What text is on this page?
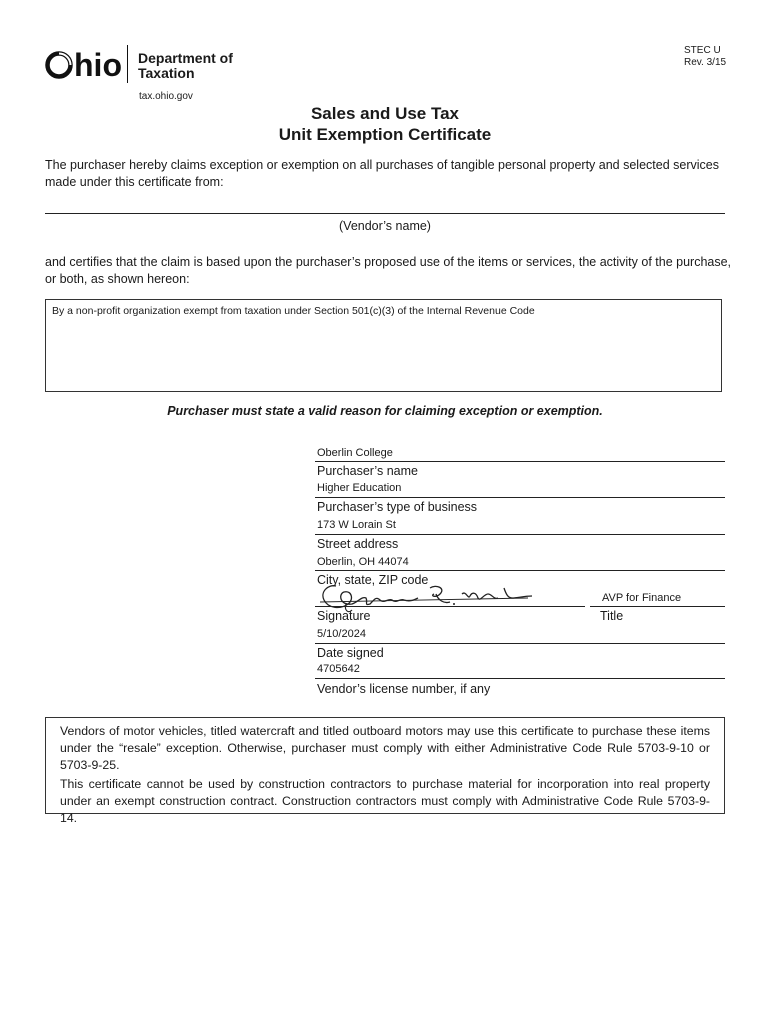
hio Department of
Taxation
tax.ohio.gov
STEC U
Rev. 3/15
Sales and Use Tax
Unit Exemption Certificate
The purchaser hereby claims exception or exemption on all purchases of tangible personal property and selected services made under this certificate from:
(Vendor’s name)
and certifies that the claim is based upon the purchaser’s proposed use of the items or services, the activity of the purchase, or both, as shown hereon:
By a non-profit organization exempt from taxation under Section 501(c)(3) of the Internal Revenue Code
Purchaser must state a valid reason for claiming exception or exemption.
Oberlin College
Purchaser’s name
Higher Education
Purchaser’s type of business
173 W Lorain St
Street address
Oberlin, OH 44074
City, state, ZIP code
AVP for Finance
Signature	Title
5/10/2024
Date signed
4705642
Vendor’s license number, if any
Vendors of motor vehicles, titled watercraft and titled outboard motors may use this certificate to purchase these items under the “resale” exception. Otherwise, purchaser must comply with either Administrative Code Rule 5703-9-10 or 5703-9-25.
This certificate cannot be used by construction contractors to purchase material for incorporation into real property under an exempt construction contract. Construction contractors must comply with Administrative Code Rule 5703-9-14.
